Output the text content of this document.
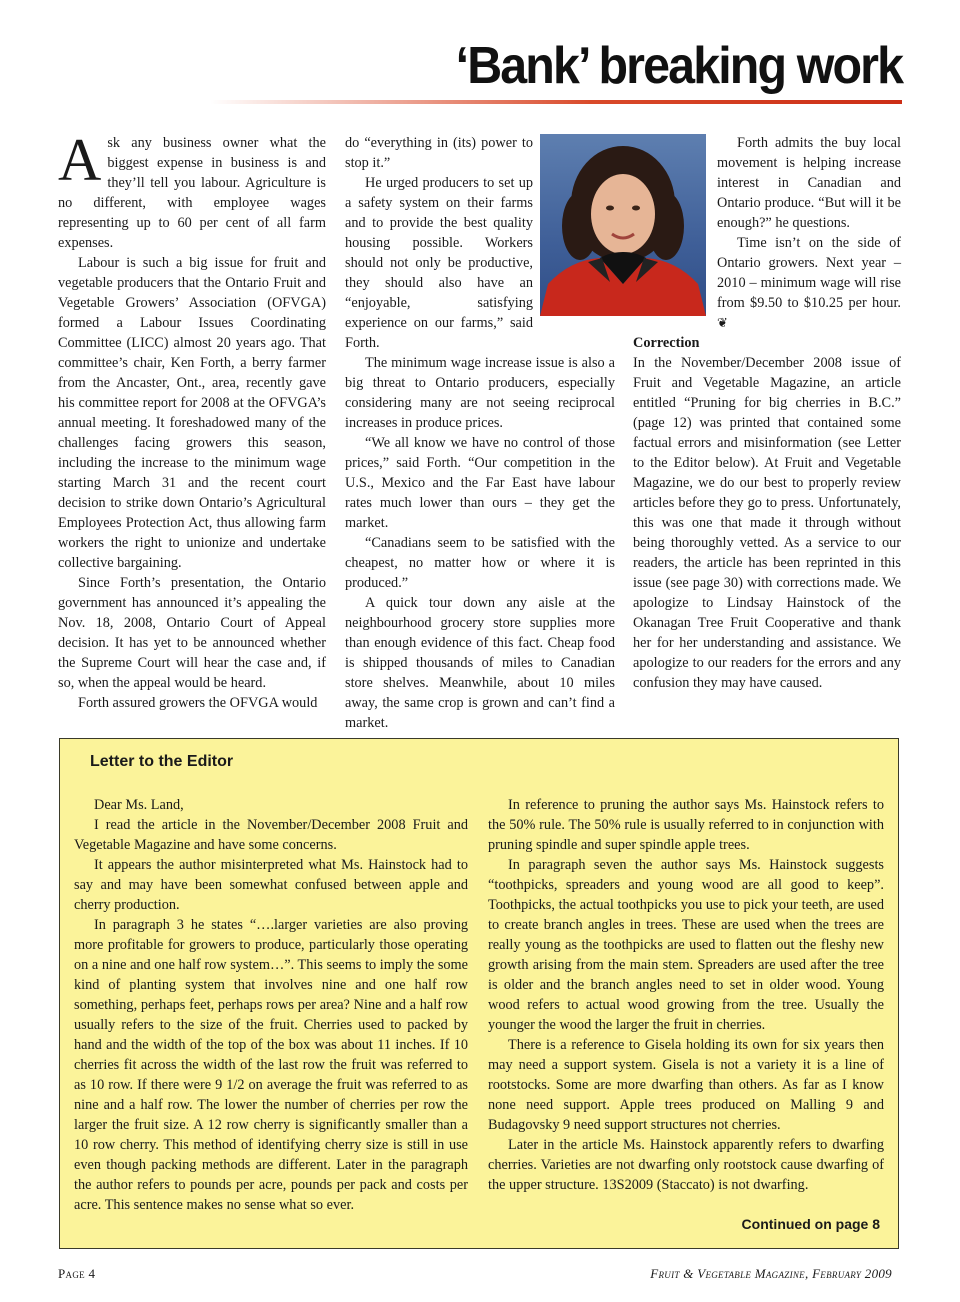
‘Bank’ breaking work

Ask any business owner what the biggest expense in business is and they’ll tell you labour. Agriculture is no different, with employee wages representing up to 60 per cent of all farm expenses.

Labour is such a big issue for fruit and vegetable producers that the Ontario Fruit and Vegetable Growers’ Association (OFVGA) formed a Labour Issues Coordinating Committee (LICC) almost 20 years ago. That committee’s chair, Ken Forth, a berry farmer from the Ancaster, Ont., area, recently gave his committee report for 2008 at the OFVGA’s annual meeting. It foreshadowed many of the challenges facing growers this season, including the increase to the minimum wage starting March 31 and the recent court decision to strike down Ontario’s Agricultural Employees Protection Act, thus allowing farm workers the right to unionize and undertake collective bargaining.

Since Forth’s presentation, the Ontario government has announced it’s appealing the Nov. 18, 2008, Ontario Court of Appeal decision. It has yet to be announced whether the Supreme Court will hear the case and, if so, when the appeal would be heard.

Forth assured growers the OFVGA would

do “everything in (its) power to stop it.”

He urged producers to set up a safety system on their farms and to provide the best quality housing possible. Workers should not only be productive, they should also have an “enjoyable, satisfying experience on our farms,” said Forth.

The minimum wage increase issue is also a big threat to Ontario producers, especially considering many are not seeing reciprocal increases in produce prices.

“We all know we have no control of those prices,” said Forth. “Our competition in the U.S., Mexico and the Far East have labour rates much lower than ours – they get the market.

“Canadians seem to be satisfied with the cheapest, no matter how or where it is produced.”

A quick tour down any aisle at the neighbourhood grocery store supplies more than enough evidence of this fact. Cheap food is shipped thousands of miles to Canadian store shelves. Meanwhile, about 10 miles away, the same crop is grown and can’t find a market.

Forth admits the buy local movement is helping increase interest in Canadian and Ontario produce. “But will it be enough?” he questions.

Time isn’t on the side of Ontario growers. Next year – 2010 – minimum wage will rise from $9.50 to $10.25 per hour. ❦

Correction

In the November/December 2008 issue of Fruit and Vegetable Magazine, an article entitled “Pruning for big cherries in B.C.” (page 12) was printed that contained some factual errors and misinformation (see Letter to the Editor below). At Fruit and Vegetable Magazine, we do our best to properly review articles before they go to press. Unfortunately, this was one that made it through without being thoroughly vetted. As a service to our readers, the article has been reprinted in this issue (see page 30) with corrections made. We apologize to Lindsay Hainstock of the Okanagan Tree Fruit Cooperative and thank her for her understanding and assistance. We apologize to our readers for the errors and any confusion they may have caused.

Letter to the Editor

Dear Ms. Land,

I read the article in the November/December 2008 Fruit and Vegetable Magazine and have some concerns.

It appears the author misinterpreted what Ms. Hainstock had to say and may have been somewhat confused between apple and cherry production.

In paragraph 3 he states “….larger varieties are also proving more profitable for growers to produce, particularly those operating on a nine and one half row system…”. This seems to imply the some kind of planting system that involves nine and one half row something, perhaps feet, perhaps rows per area? Nine and a half row usually refers to the size of the fruit. Cherries used to packed by hand and the width of the top of the box was about 11 inches. If 10 cherries fit across the width of the last row the fruit was referred to as 10 row. If there were 9 1/2 on average the fruit was referred to as nine and a half row. The lower the number of cherries per row the larger the fruit size. A 12 row cherry is significantly smaller than a 10 row cherry. This method of identifying cherry size is still in use even though packing methods are different. Later in the paragraph the author refers to pounds per acre, pounds per pack and costs per acre. This sentence makes no sense what so ever.

In reference to pruning the author says Ms. Hainstock refers to the 50% rule. The 50% rule is usually referred to in conjunction with pruning spindle and super spindle apple trees.

In paragraph seven the author says Ms. Hainstock suggests “toothpicks, spreaders and young wood are all good to keep”. Toothpicks, the actual toothpicks you use to pick your teeth, are used to create branch angles in trees. These are used when the trees are really young as the toothpicks are used to flatten out the fleshy new growth arising from the main stem. Spreaders are used after the tree is older and the branch angles need to set in older wood. Young wood refers to actual wood growing from the tree. Usually the younger the wood the larger the fruit in cherries.

There is a reference to Gisela holding its own for six years then may need a support system. Gisela is not a variety it is a line of rootstocks. Some are more dwarfing than others. As far as I know none need support. Apple trees produced on Malling 9 and Budagovsky 9 need support structures not cherries.

Later in the article Ms. Hainstock apparently refers to dwarfing cherries. Varieties are not dwarfing only rootstock cause dwarfing of the upper structure. 13S2009 (Staccato) is not dwarfing.

Continued on page 8
Page 4	Fruit & Vegetable Magazine, February 2009
